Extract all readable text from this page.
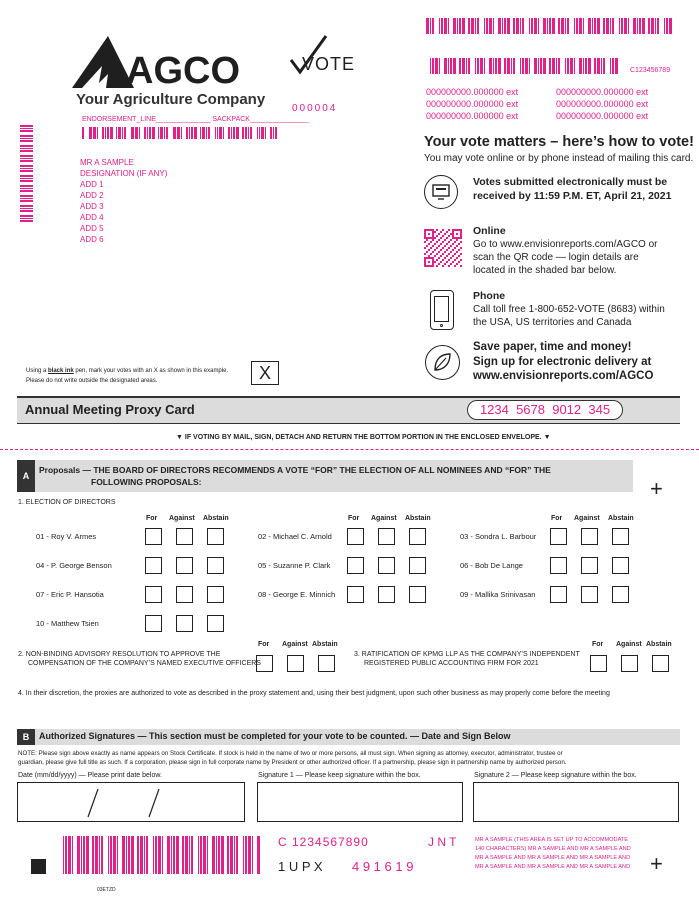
AGCO
Your Agriculture Company
VOTE
000004
C123456789
000000000.000000 ext
000000000.000000 ext
000000000.000000 ext
000000000.000000 ext
000000000.000000 ext
000000000.000000 ext
ENDORSEMENT_LINE______________ SACKPACK_______________
MR A SAMPLE
DESIGNATION (IF ANY)
ADD 1
ADD 2
ADD 3
ADD 4
ADD 5
ADD 6
Using a black ink pen, mark your votes with an X as shown in this example.
Please do not write outside the designated areas.	X
Your vote matters – here’s how to vote!
You may vote online or by phone instead of mailing this card.
Votes submitted electronically must be
received by 11:59 P.M. ET, April 21, 2021
Online
Go to www.envisionreports.com/AGCO or
scan the QR code — login details are
located in the shaded bar below.
Phone
Call toll free 1-800-652-VOTE (8683) within
the USA, US territories and Canada
Save paper, time and money!
Sign up for electronic delivery at
www.envisionreports.com/AGCO
Annual Meeting Proxy Card	1234  5678  9012  345
▼ IF VOTING BY MAIL, SIGN, DETACH AND RETURN THE BOTTOM PORTION IN THE ENCLOSED ENVELOPE. ▼
A
Proposals — THE BOARD OF DIRECTORS RECOMMENDS A VOTE “FOR” THE ELECTION OF ALL NOMINEES AND “FOR” THE
FOLLOWING PROPOSALS:	+
1. ELECTION OF DIRECTORS
For Against Abstain	For Against Abstain	For Against Abstain
01 - Roy V. Armes	02 - Michael C. Arnold	03 - Sondra L. Barbour
04 - P. George Benson	05 - Suzanne P. Clark	06 - Bob De Lange
07 - Eric P. Hansotia	08 - George E. Minnich	09 - Mallika Srinivasan
10 - Matthew Tsien
For Against Abstain	For Against Abstain
2. NON-BINDING ADVISORY RESOLUTION TO APPROVE THE
COMPENSATION OF THE COMPANY’S NAMED EXECUTIVE OFFICERS
3. RATIFICATION OF KPMG LLP AS THE COMPANY’S INDEPENDENT
REGISTERED PUBLIC ACCOUNTING FIRM FOR 2021
4. In their discretion, the proxies are authorized to vote as described in the proxy statement and, using their best judgment, upon such other business as may properly come before the meeting
B	Authorized Signatures — This section must be completed for your vote to be counted. — Date and Sign Below
NOTE: Please sign above exactly as name appears on Stock Certificate. If stock is held in the name of two or more persons, all must sign. When signing as attorney, executor, administrator, trustee or
guardian, please give full title as such. If a corporation, please sign in full corporate name by President or other authorized officer. If a partnership, please sign in partnership name by authorized person.
Date (mm/dd/yyyy) — Please print date below.	Signature 1 — Please keep signature within the box.	Signature 2 — Please keep signature within the box.
03ETZD
C 1234567890	J N T
1 U P X 4 9 1 6 1 9
MR A SAMPLE (THIS AREA IS SET UP TO ACCOMMODATE
140 CHARACTERS) MR A SAMPLE AND MR A SAMPLE AND
MR A SAMPLE AND MR A SAMPLE AND MR A SAMPLE AND
MR A SAMPLE AND MR A SAMPLE AND MR A SAMPLE AND +
